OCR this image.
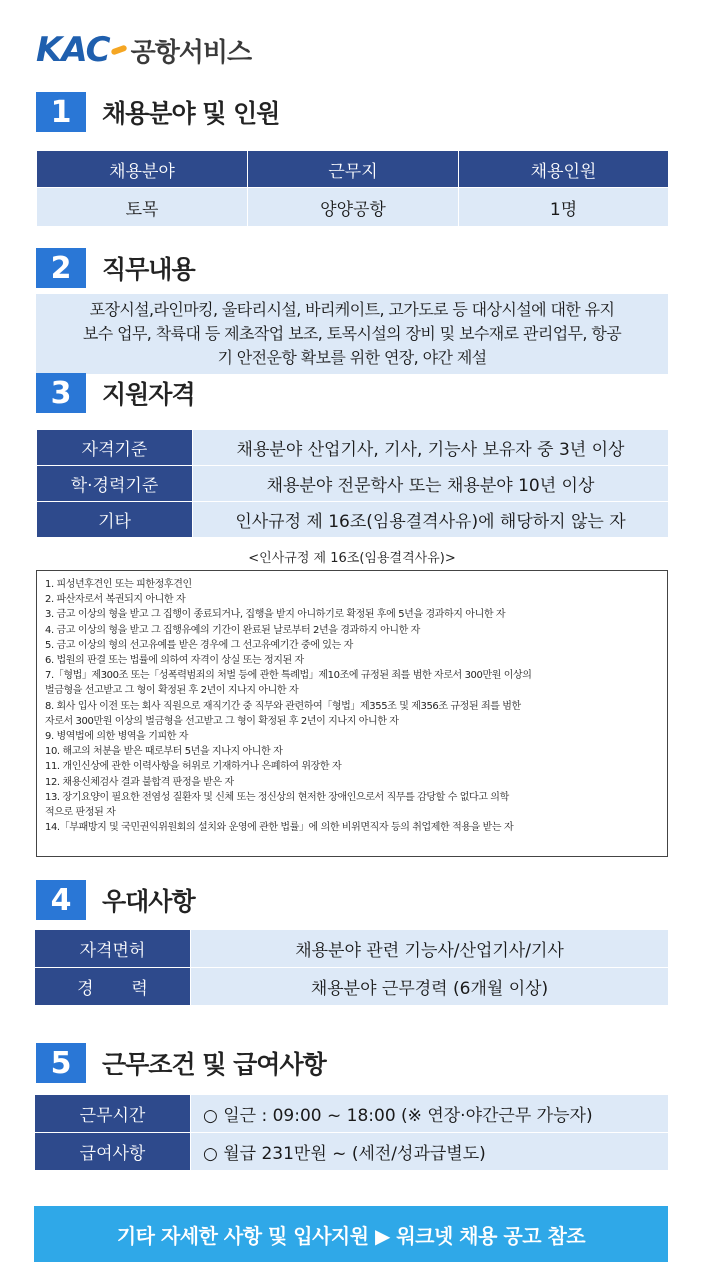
KAC 공항서비스
1	채용분야 및 인원
채용분야	근무지	채용인원
토목	양양공항	1명
2	직무내용

포장시설,라인마킹, 울타리시설, 바리케이트, 고가도로 등 대상시설에 대한 유지
보수 업무, 착륙대 등 제초작업 보조, 토목시설의 장비 및 보수재로 관리업무, 항공
기 안전운항 확보를 위한 연장, 야간 제설

3	지원자격
자격기준	채용분야 산업기사, 기사, 기능사 보유자 중 3년 이상
학·경력기준	채용분야 전문학사 또는 채용분야 10년 이상
기타	인사규정 제 16조(임용결격사유)에 해당하지 않는 자
<인사규정 제 16조(임용결격사유)>
1. 피성년후견인 또는 피한정후견인
2. 파산자로서 복권되지 아니한 자
3. 금고 이상의 형을 받고 그 집행이 종료되거나, 집행을 받지 아니하기로 확정된 후에 5년을 경과하지 아니한 자
4. 금고 이상의 형을 받고 그 집행유예의 기간이 완료된 날로부터 2년을 경과하지 아니한 자
5. 금고 이상의 형의 선고유예를 받은 경우에 그 선고유예기간 중에 있는 자
6. 법원의 판결 또는 법률에 의하여 자격이 상실 또는 정지된 자
7.「형법」제300조 또는「성폭력범죄의 처벌 등에 관한 특례법」제10조에 규정된 죄를 범한 자로서 300만원 이상의
벌금형을 선고받고 그 형이 확정된 후 2년이 지나지 아니한 자
8. 회사 입사 이전 또는 회사 직원으로 재직기간 중 직무와 관련하여「형법」제355조 및 제356조 규정된 죄를 범한
자로서 300만원 이상의 벌금형을 선고받고 그 형이 확정된 후 2년이 지나지 아니한 자
9. 병역법에 의한 병역을 기피한 자
10. 해고의 처분을 받은 때로부터 5년을 지나지 아니한 자
11. 개인신상에 관한 이력사항을 허위로 기재하거나 은폐하여 위장한 자
12. 채용신체검사 결과 불합격 판정을 받은 자
13. 장기요양이 필요한 전염성 질환자 및 신체 또는 정신상의 현저한 장애인으로서 직무를 감당할 수 없다고 의학
적으로 판정된 자
14.「부패방지 및 국민권익위원회의 설치와 운영에 관한 법률」에 의한 비위면직자 등의 취업제한 적용을 받는 자
4	우대사항
자격면허	채용분야 관련 기능사/산업기사/기사
경       력	채용분야 근무경력 (6개월 이상)
5	근무조건 및 급여사항
근무시간	○ 일근 : 09:00 ~ 18:00 (※ 연장·야간근무 가능자)
급여사항	○ 월급 231만원 ~ (세전/성과급별도)
기타 자세한 사항 및 입사지원 ▶ 워크넷 채용 공고 참조
